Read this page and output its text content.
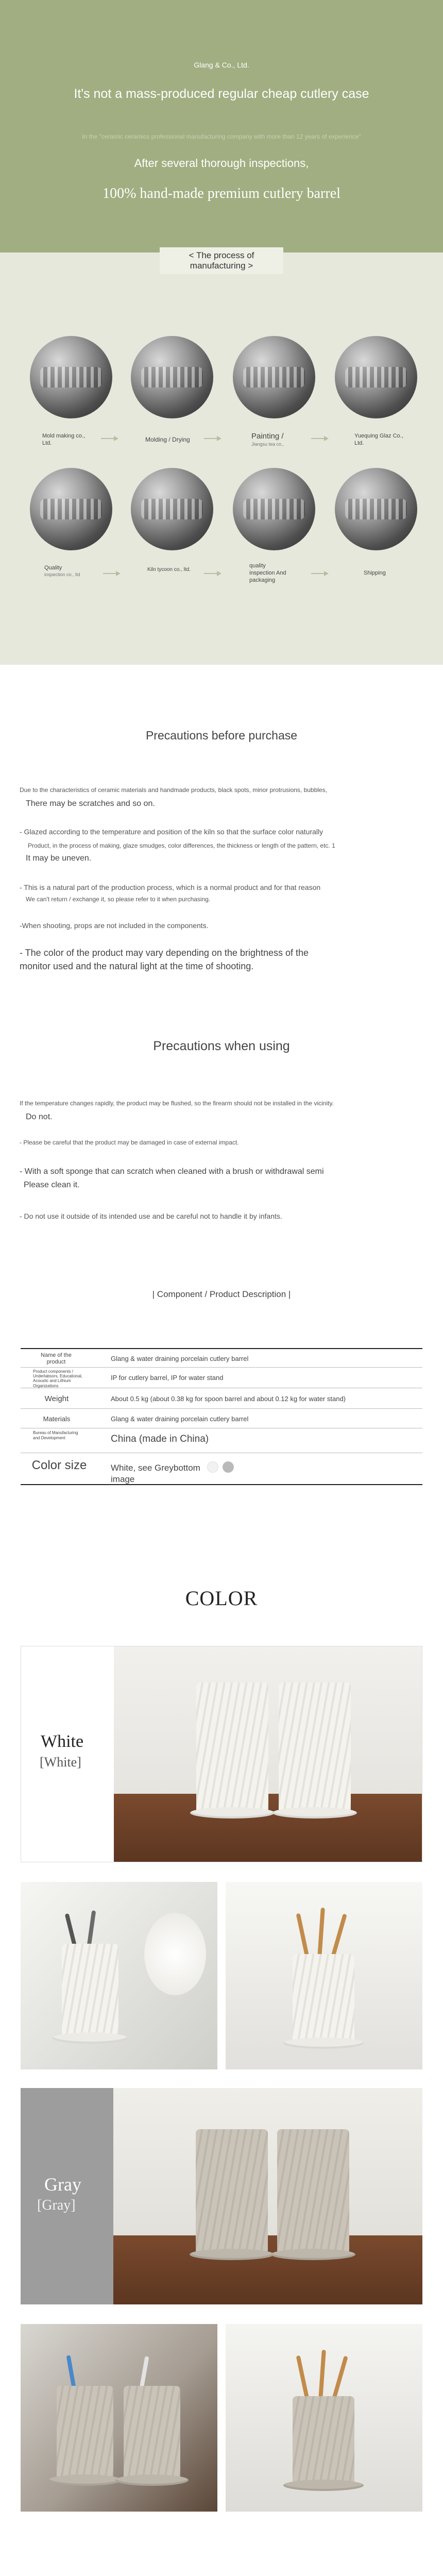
Glang & Co., Ltd.
It's not a mass-produced regular cheap cutlery case
In the "ceramic ceramics professional manufacturing company with more than 12 years of experience"
After several thorough inspections,
100% hand-made premium cutlery barrel
< The process of manufacturing >
Mold making co., Ltd.	Molding / Drying	Painting /
Jiangsu tea co.,
Yuequing Glaz Co., Ltd.
Quality
inspection co., ltd
Kiln tycoon co., ltd.
quality inspection And packaging
Shipping
Precautions before purchase
Due to the characteristics of ceramic materials and handmade products, black spots, minor protrusions, bubbles,
There may be scratches and so on.
- Glazed according to the temperature and position of the kiln so that the surface color naturally
Product, in the process of making, glaze smudges, color differences, the thickness or length of the pattern, etc. 1
It may be uneven.
- This is a natural part of the production process, which is a normal product and for that reason
We can't return / exchange it, so please refer to it when purchasing.
-When shooting, props are not included in the components.
- The color of the product may vary depending on the brightness of the
monitor used and the natural light at the time of shooting.
Precautions when using
If the temperature changes rapidly, the product may be flushed, so the firearm should not be installed in the vicinity.
Do not.
- Please be careful that the product may be damaged in case of external impact.
- With a soft sponge that can scratch when cleaned with a brush or withdrawal semi
Please clean it.
- Do not use it outside of its intended use and be careful not to handle it by infants.
| Component / Product Description |
Name of the product	Glang & water draining porcelain cutlery barrel
Product components / Underlabsors, Educational, Acoustic and Lithium Organizations
IP for cutlery barrel, IP for water stand
Weight	About 0.5 kg (about 0.38 kg for spoon barrel and about 0.12 kg for water stand)
Materials	Glang & water draining porcelain cutlery barrel
Bureau of Manufacturing and Development	China (made in China)
Color size	White, see Greybottom image
COLOR
White
[White]
Gray
[Gray]
